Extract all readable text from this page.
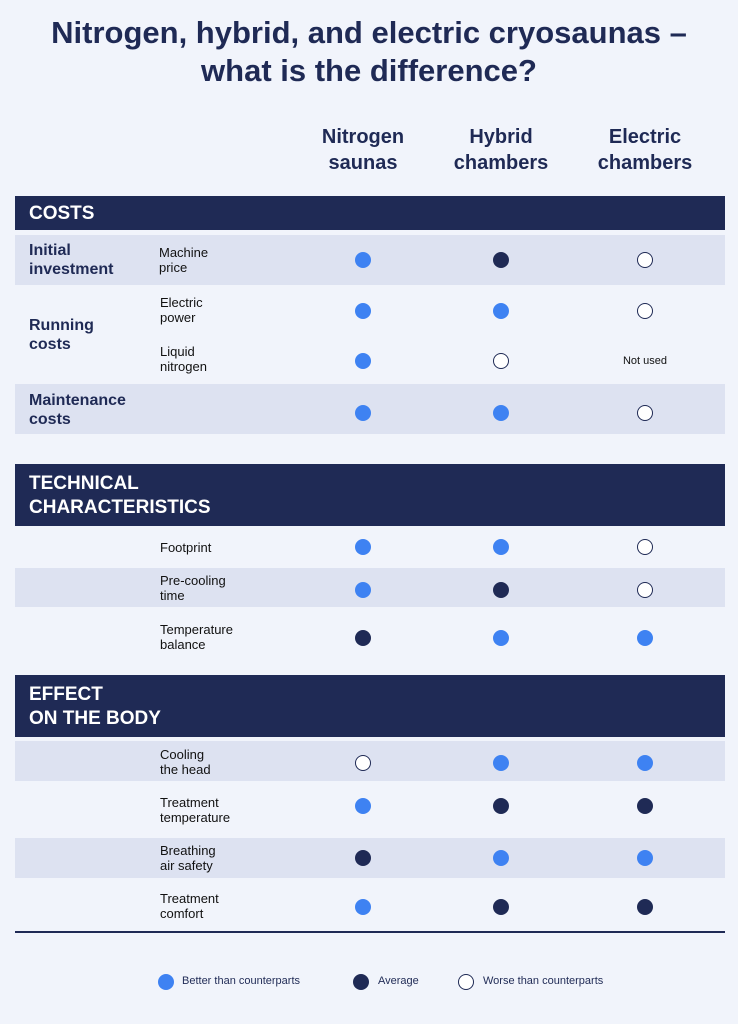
Nitrogen, hybrid, and electric cryosaunas –
what is the difference?
Nitrogen
saunas
Hybrid
chambers
Electric
chambers
COSTS
Initial
investment
Machine
price
Running
costs
Electric
power
Liquid
nitrogen
Maintenance
costs
TECHNICAL
CHARACTERISTICS
Footprint
Pre-cooling
time
Temperature
balance
EFFECT
ON THE BODY
Cooling
the head
Treatment
temperature
Breathing
air safety
Treatment
comfort
Not used
Better than counterparts	Average	Worse than counterparts
